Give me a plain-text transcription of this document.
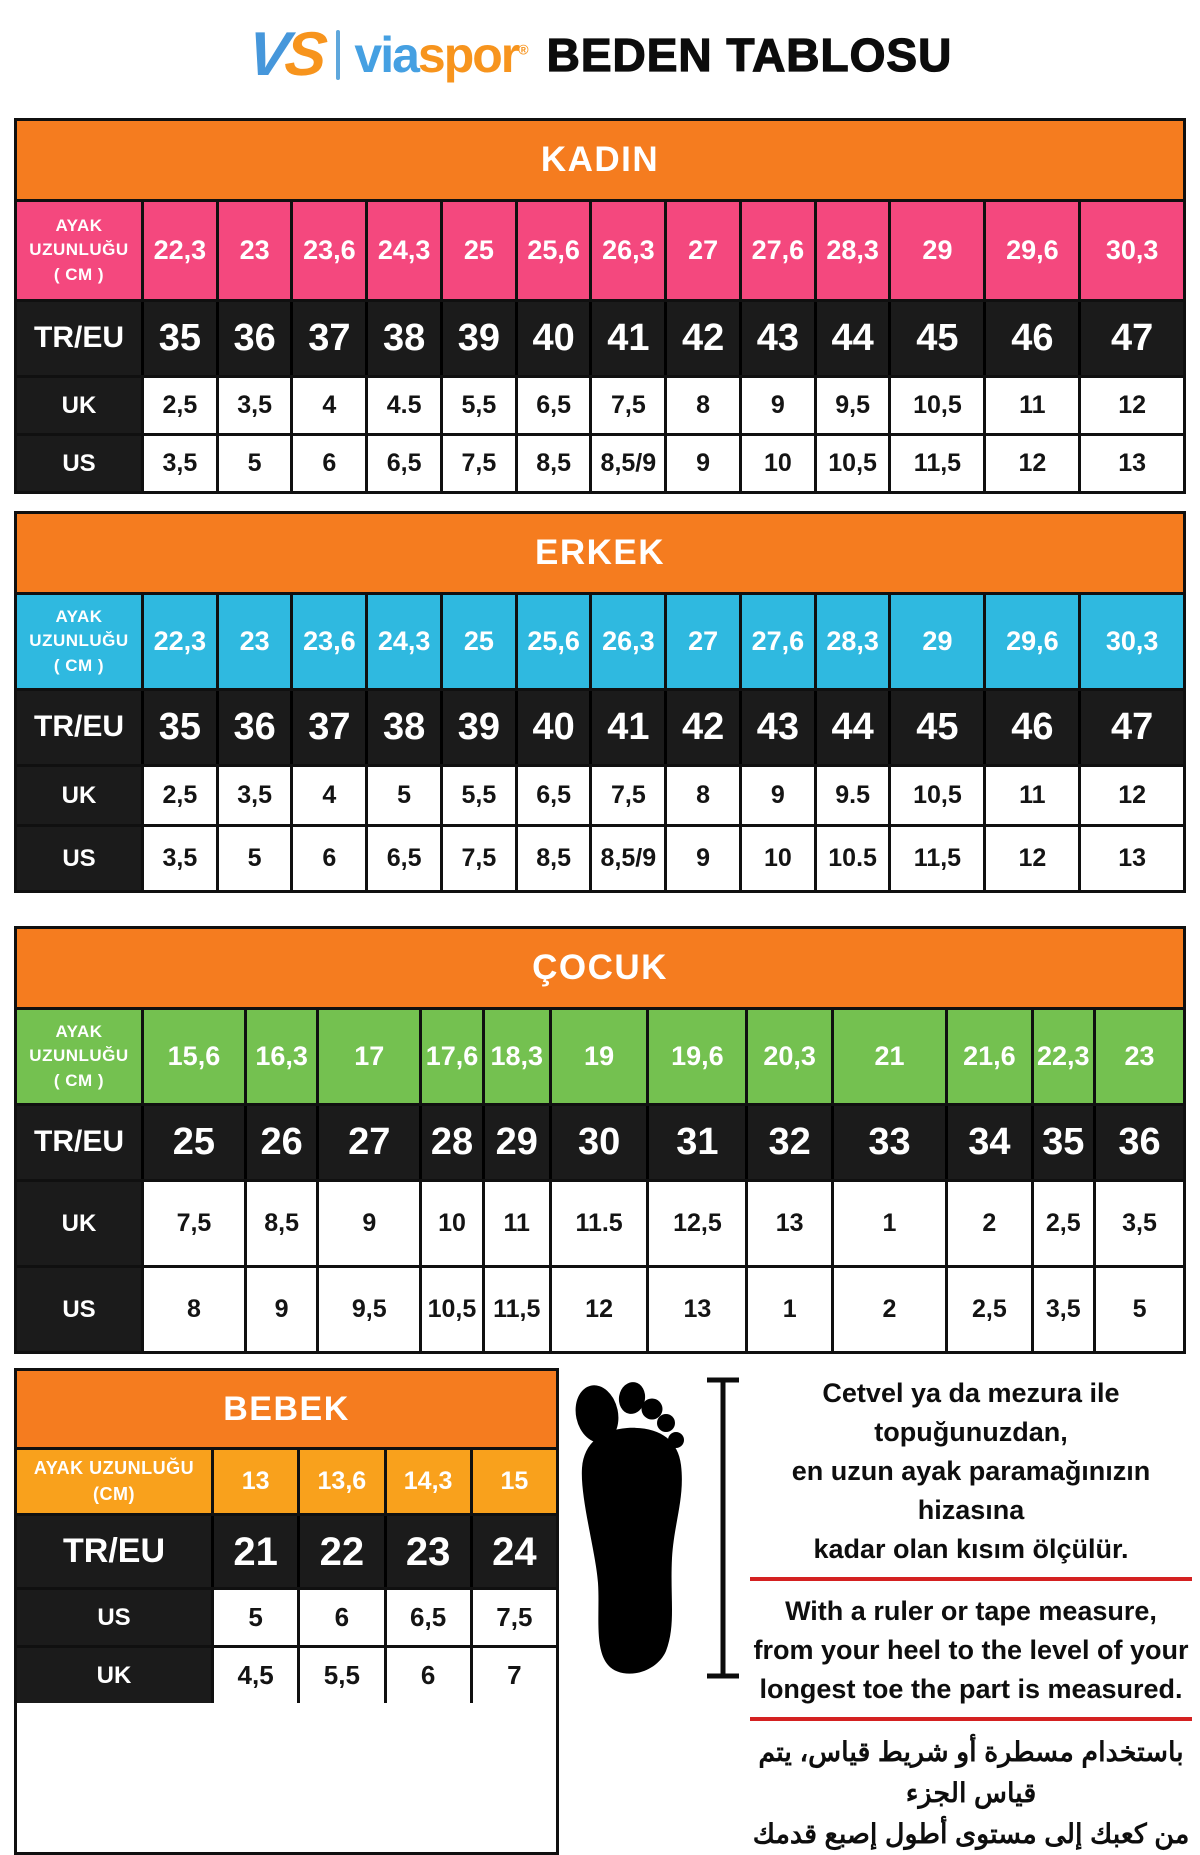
VS viaspor® BEDEN TABLOSU
KADIN
AYAK
UZUNLUĞU
( CM )
22,3	23	23,6 24,3	25	25,6 26,3	27	27,6 28,3	29	29,6	30,3
TR/EU 35 36 37 38 39 40 41 42 43 44	45	46	47
UK	2,5	3,5	4	4.5	5,5	6,5	7,5	8	9	9,5	10,5	11	12
US	3,5	5	6	6,5	7,5	8,5	8,5/9	9	10	10,5	11,5	12	13
ERKEK
AYAK
UZUNLUĞU
( CM )
22,3	23	23,6 24,3	25	25,6 26,3	27	27,6 28,3	29	29,6	30,3
TR/EU 35 36 37 38 39 40 41 42 43 44	45	46	47
UK	2,5	3,5	4	5	5,5	6,5	7,5	8	9	9.5	10,5	11	12
US	3,5	5	6	6,5	7,5	8,5	8,5/9	9	10	10.5	11,5	12	13
ÇOCUK
AYAK
UZUNLUĞU
( CM )
15,6	16,3	17	17,6 18,3	19	19,6	20,3	21	21,6 22,3	23
TR/EU	25	26	27	28 29	30	31	32	33	34 35 36
UK	7,5	8,5	9	10	11	11.5	12,5	13	1	2	2,5	3,5
US	8	9	9,5	10,5 11,5	12	13	1	2	2,5	3,5	5
BEBEK
AYAK UZUNLUĞU
(CM)	13	13,6	14,3	15
TR/EU	21	22	23	24
US	5	6	6,5	7,5
UK	4,5	5,5	6	7
Cetvel ya da mezura ile topuğunuzdan,
en uzun ayak paramağınızın hizasına
kadar olan kısım ölçülür.
With a ruler or tape measure,
from your heel to the level of your
longest toe the part is measured.
باستخدام مسطرة أو شريط قياس، يتم قياس الجزء
من كعبك إلى مستوى أطول إصبع قدمك
